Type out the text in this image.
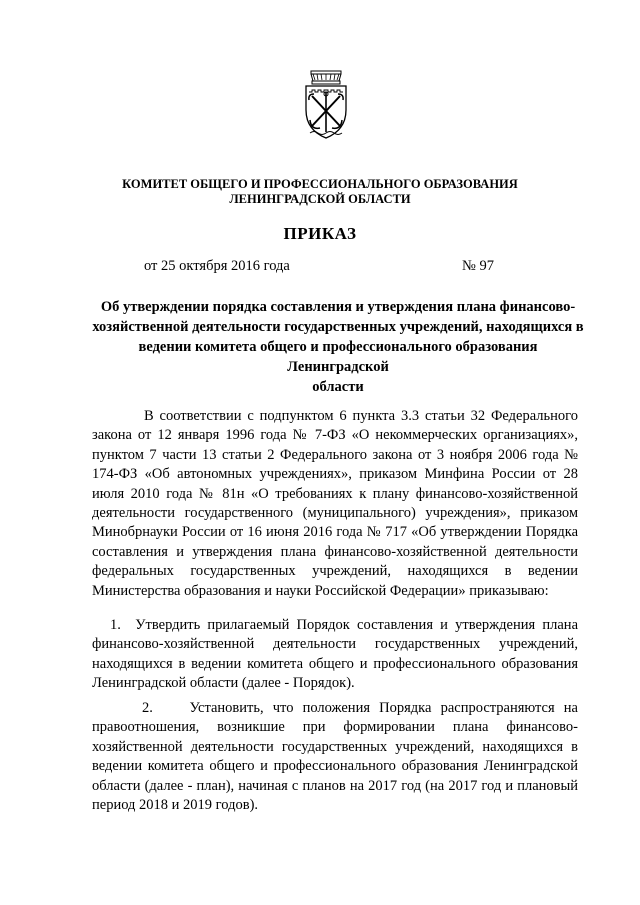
КОМИТЕТ ОБЩЕГО И ПРОФЕССИОНАЛЬНОГО ОБРАЗОВАНИЯ
ЛЕНИНГРАДСКОЙ ОБЛАСТИ
ПРИКАЗ
от 25 октября 2016 года	№ 97
Об утверждении порядка составления и утверждения плана финансово-
хозяйственной деятельности государственных учреждений, находящихся в
ведении комитета общего и профессионального образования Ленинградской
области

В соответствии с подпунктом 6 пункта 3.3 статьи 32 Федерального закона от 12 января 1996 года № 7-ФЗ «О некоммерческих организациях», пунктом 7 части 13 статьи 2 Федерального закона от 3 ноября 2006 года № 174-ФЗ «Об автономных учреждениях», приказом Минфина России от 28 июля 2010 года № 81н «О требованиях к плану финансово-хозяйственной деятельности государственного (муниципального) учреждения», приказом Минобрнауки России от 16 июня 2016 года № 717 «Об утверждении Порядка составления и утверждения плана финансово-хозяйственной деятельности федеральных государственных учреждений, находящихся в ведении Министерства образования и науки Российской Федерации» приказываю:

1. Утвердить прилагаемый Порядок составления и утверждения плана финансово-хозяйственной деятельности государственных учреждений, находящихся в ведении комитета общего и профессионального образования Ленинградской области (далее - Порядок).

2.	Установить, что положения Порядка распространяются на правоотношения, возникшие при формировании плана финансово-хозяйственной деятельности государственных учреждений, находящихся в ведении комитета общего и профессионального образования Ленинградской области (далее - план), начиная с планов на 2017 год (на 2017 год и плановый период 2018 и 2019 годов).
